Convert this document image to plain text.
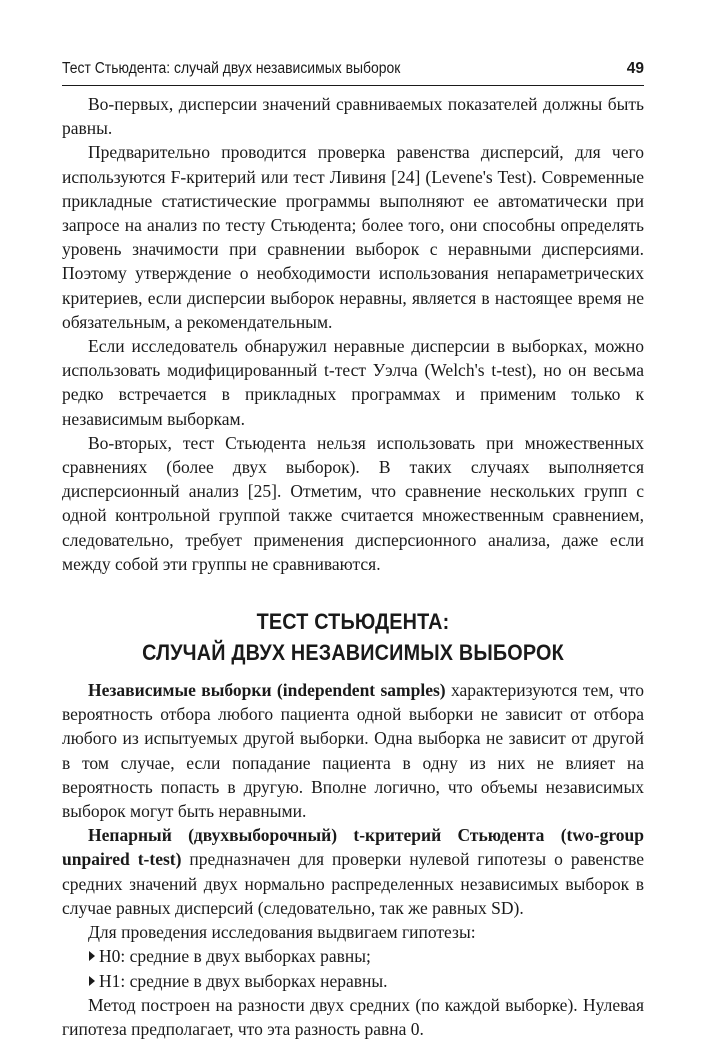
Тест Стьюдента: случай двух независимых выборок	49

Во-первых, дисперсии значений сравниваемых показателей должны быть равны.

Предварительно проводится проверка равенства дисперсий, для чего используются F-критерий или тест Ливиня [24] (Levene's Test). Современные прикладные статистические программы выполняют ее автоматически при запросе на анализ по тесту Стьюдента; более того, они способны определять уровень значимости при сравнении выборок с неравными дисперсиями. Поэтому утверждение о необходимости использования непараметрических критериев, если дисперсии выборок неравны, является в настоящее время не обязательным, а рекомендательным.

Если исследователь обнаружил неравные дисперсии в выборках, можно использовать модифицированный t-тест Уэлча (Welch's t-test), но он весьма редко встречается в прикладных программах и применим только к независимым выборкам.

Во-вторых, тест Стьюдента нельзя использовать при множественных сравнениях (более двух выборок). В таких случаях выполняется дисперсионный анализ [25]. Отметим, что сравнение нескольких групп с одной контрольной группой также считается множественным сравнением, следовательно, требует применения дисперсионного анализа, даже если между собой эти группы не сравниваются.

ТЕСТ СТЬЮДЕНТА:
СЛУЧАЙ ДВУХ НЕЗАВИСИМЫХ ВЫБОРОК

Независимые выборки (independent samples) характеризуются тем, что вероятность отбора любого пациента одной выборки не зависит от отбора любого из испытуемых другой выборки. Одна выборка не зависит от другой в том случае, если попадание пациента в одну из них не влияет на вероятность попасть в другую. Вполне логично, что объемы независимых выборок могут быть неравными.

Непарный (двухвыборочный) t-критерий Стьюдента (two-group unpaired t-test) предназначен для проверки нулевой гипотезы о равенстве средних значений двух нормально распределенных независимых выборок в случае равных дисперсий (следовательно, так же равных SD).

Для проведения исследования выдвигаем гипотезы:

H0: средние в двух выборках равны;

H1: средние в двух выборках неравны.

Метод построен на разности двух средних (по каждой выборке). Нулевая гипотеза предполагает, что эта разность равна 0.
